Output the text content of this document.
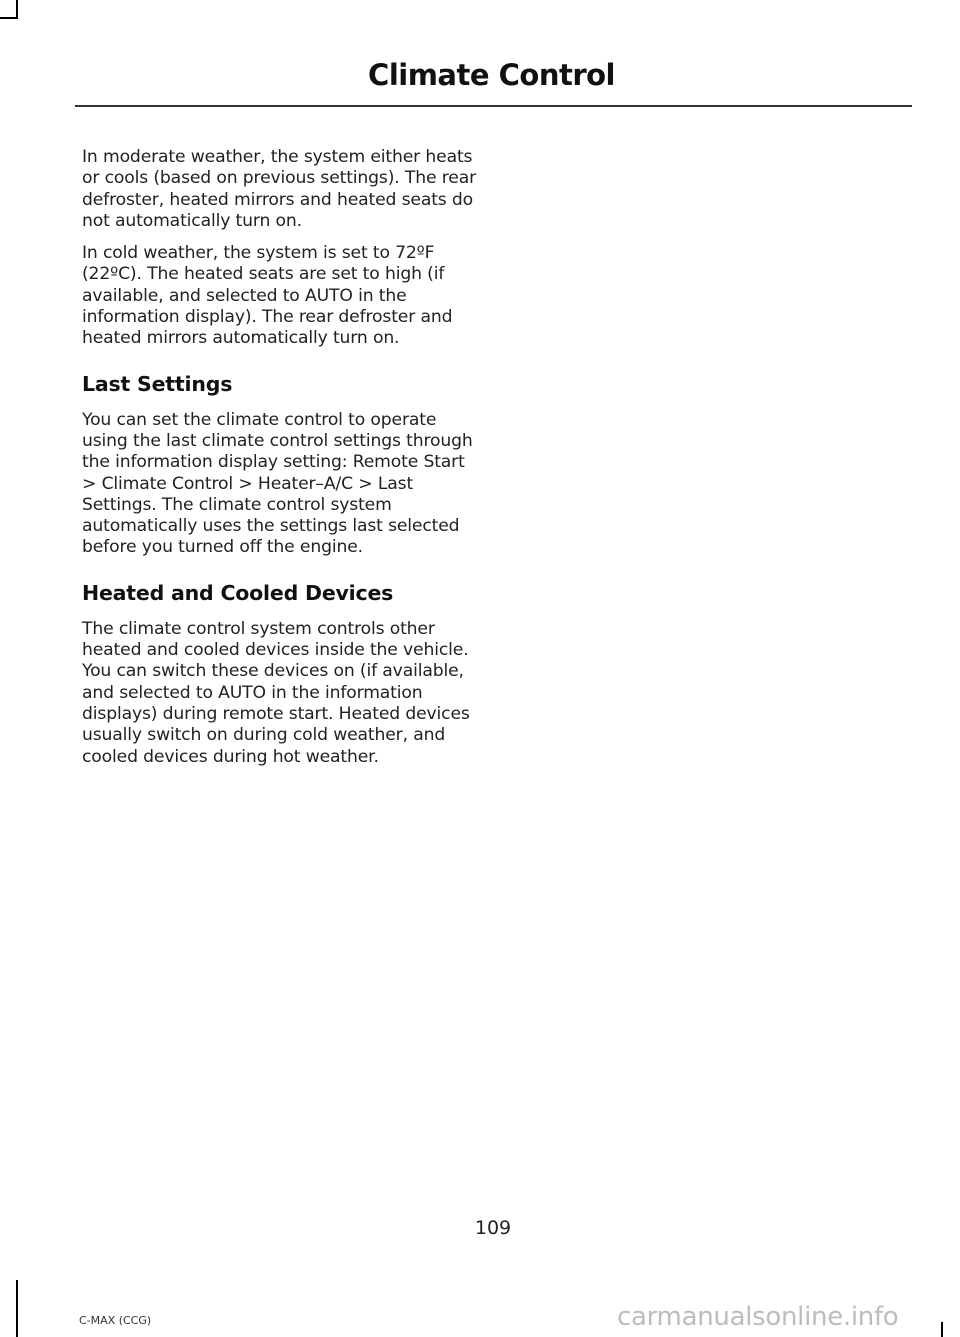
Climate Control

In moderate weather, the system either heats or cools (based on previous settings). The rear defroster, heated mirrors and heated seats do not automatically turn on.

In cold weather, the system is set to 72ºF (22ºC). The heated seats are set to high (if available, and selected to AUTO in the information display). The rear defroster and heated mirrors automatically turn on.

Last Settings

You can set the climate control to operate using the last climate control settings through the information display setting: Remote Start > Climate Control > Heater–A/C > Last Settings. The climate control system automatically uses the settings last selected before you turned off the engine.

Heated and Cooled Devices

The climate control system controls other heated and cooled devices inside the vehicle. You can switch these devices on (if available, and selected to AUTO in the information displays) during remote start. Heated devices usually switch on during cold weather, and cooled devices during hot weather.

109
C-MAX (CCG)	carmanualsonline.info
